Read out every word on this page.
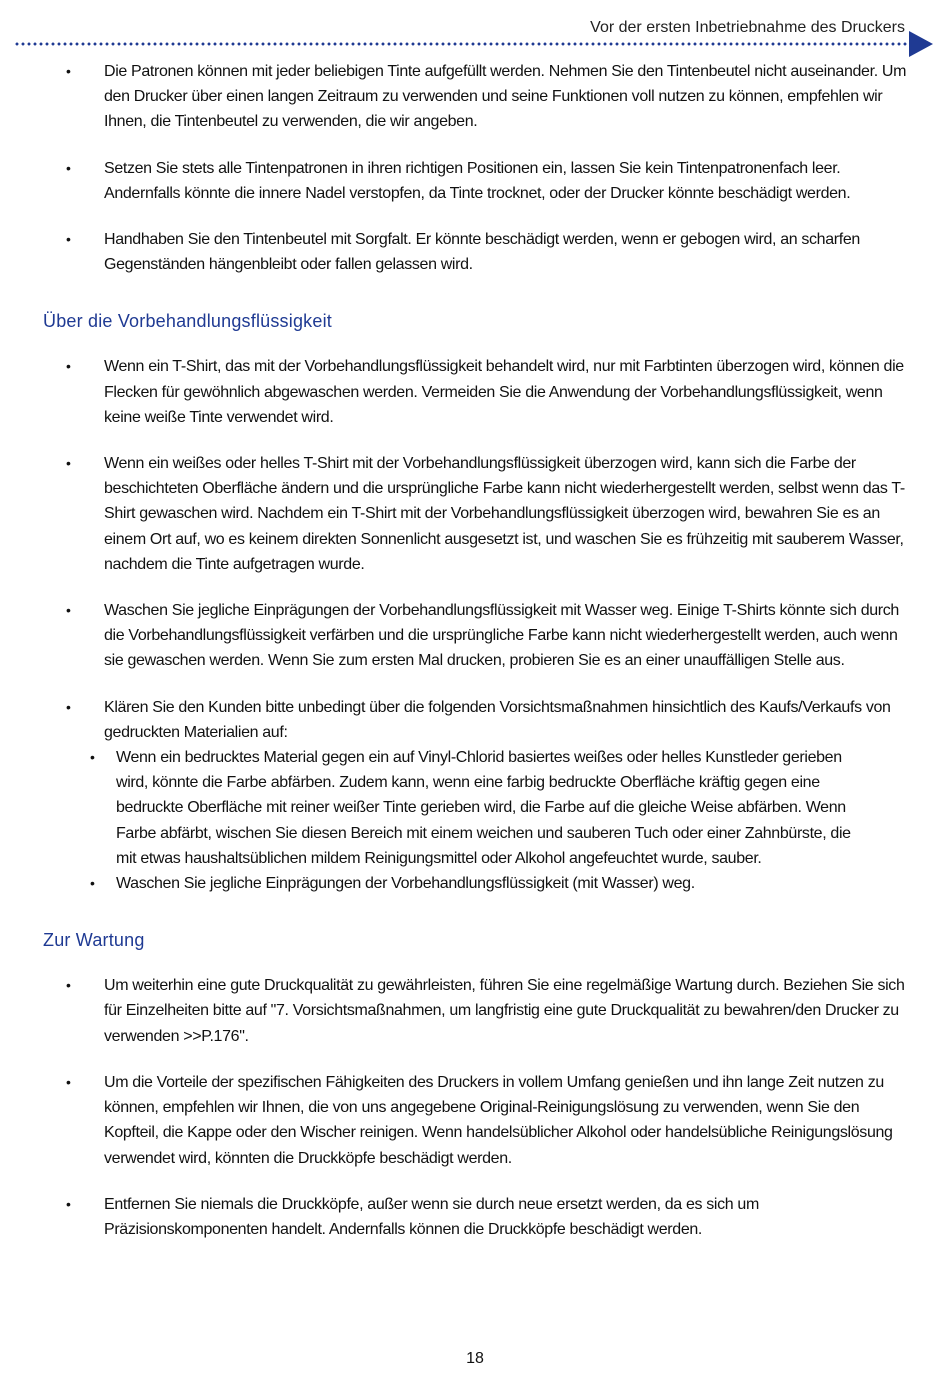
Vor der ersten Inbetriebnahme des Druckers
• Die Patronen können mit jeder beliebigen Tinte aufgefüllt werden. Nehmen Sie den Tintenbeutel nicht auseinander. Um den Drucker über einen langen Zeitraum zu verwenden und seine Funktionen voll nutzen zu können, empfehlen wir Ihnen, die Tintenbeutel zu verwenden, die wir angeben.
• Setzen Sie stets alle Tintenpatronen in ihren richtigen Positionen ein, lassen Sie kein Tintenpatronenfach leer. Andernfalls könnte die innere Nadel verstopfen, da Tinte trocknet, oder der Drucker könnte beschädigt werden.
• Handhaben Sie den Tintenbeutel mit Sorgfalt. Er könnte beschädigt werden, wenn er gebogen wird, an scharfen Gegenständen hängenbleibt oder fallen gelassen wird.
Über die Vorbehandlungsflüssigkeit
• Wenn ein T-Shirt, das mit der Vorbehandlungsflüssigkeit behandelt wird, nur mit Farbtinten überzogen wird, können die Flecken für gewöhnlich abgewaschen werden. Vermeiden Sie die Anwendung der Vorbehandlungsflüssigkeit, wenn keine weiße Tinte verwendet wird.
• Wenn ein weißes oder helles T-Shirt mit der Vorbehandlungsflüssigkeit überzogen wird, kann sich die Farbe der beschichteten Oberfläche ändern und die ursprüngliche Farbe kann nicht wiederhergestellt werden, selbst wenn das T-Shirt gewaschen wird. Nachdem ein T-Shirt mit der Vorbehandlungsflüssigkeit überzogen wird, bewahren Sie es an einem Ort auf, wo es keinem direkten Sonnenlicht ausgesetzt ist, und waschen Sie es frühzeitig mit sauberem Wasser, nachdem die Tinte aufgetragen wurde.
• Waschen Sie jegliche Einprägungen der Vorbehandlungsflüssigkeit mit Wasser weg. Einige T-Shirts könnte sich durch die Vorbehandlungsflüssigkeit verfärben und die ursprüngliche Farbe kann nicht wiederhergestellt werden, auch wenn sie gewaschen werden. Wenn Sie zum ersten Mal drucken, probieren Sie es an einer unauffälligen Stelle aus.
• Klären Sie den Kunden bitte unbedingt über die folgenden Vorsichtsmaßnahmen hinsichtlich des Kaufs/Verkaufs von gedruckten Materialien auf:
• Wenn ein bedrucktes Material gegen ein auf Vinyl-Chlorid basiertes weißes oder helles Kunstleder gerieben wird, könnte die Farbe abfärben. Zudem kann, wenn eine farbig bedruckte Oberfläche kräftig gegen eine bedruckte Oberfläche mit reiner weißer Tinte gerieben wird, die Farbe auf die gleiche Weise abfärben. Wenn Farbe abfärbt, wischen Sie diesen Bereich mit einem weichen und sauberen Tuch oder einer Zahnbürste, die mit etwas haushaltsüblichen mildem Reinigungsmittel oder Alkohol angefeuchtet wurde, sauber.
• Waschen Sie jegliche Einprägungen der Vorbehandlungsflüssigkeit (mit Wasser) weg.
Zur Wartung
• Um weiterhin eine gute Druckqualität zu gewährleisten, führen Sie eine regelmäßige Wartung durch. Beziehen Sie sich für Einzelheiten bitte auf "7. Vorsichtsmaßnahmen, um langfristig eine gute Druckqualität zu bewahren/den Drucker zu verwenden >>P.176".
• Um die Vorteile der spezifischen Fähigkeiten des Druckers in vollem Umfang genießen und ihn lange Zeit nutzen zu können, empfehlen wir Ihnen, die von uns angegebene Original-Reinigungslösung zu verwenden, wenn Sie den Kopfteil, die Kappe oder den Wischer reinigen. Wenn handelsüblicher Alkohol oder handelsübliche Reinigungslösung verwendet wird, könnten die Druckköpfe beschädigt werden.
• Entfernen Sie niemals die Druckköpfe, außer wenn sie durch neue ersetzt werden, da es sich um Präzisionskomponenten handelt. Andernfalls können die Druckköpfe beschädigt werden.
18
